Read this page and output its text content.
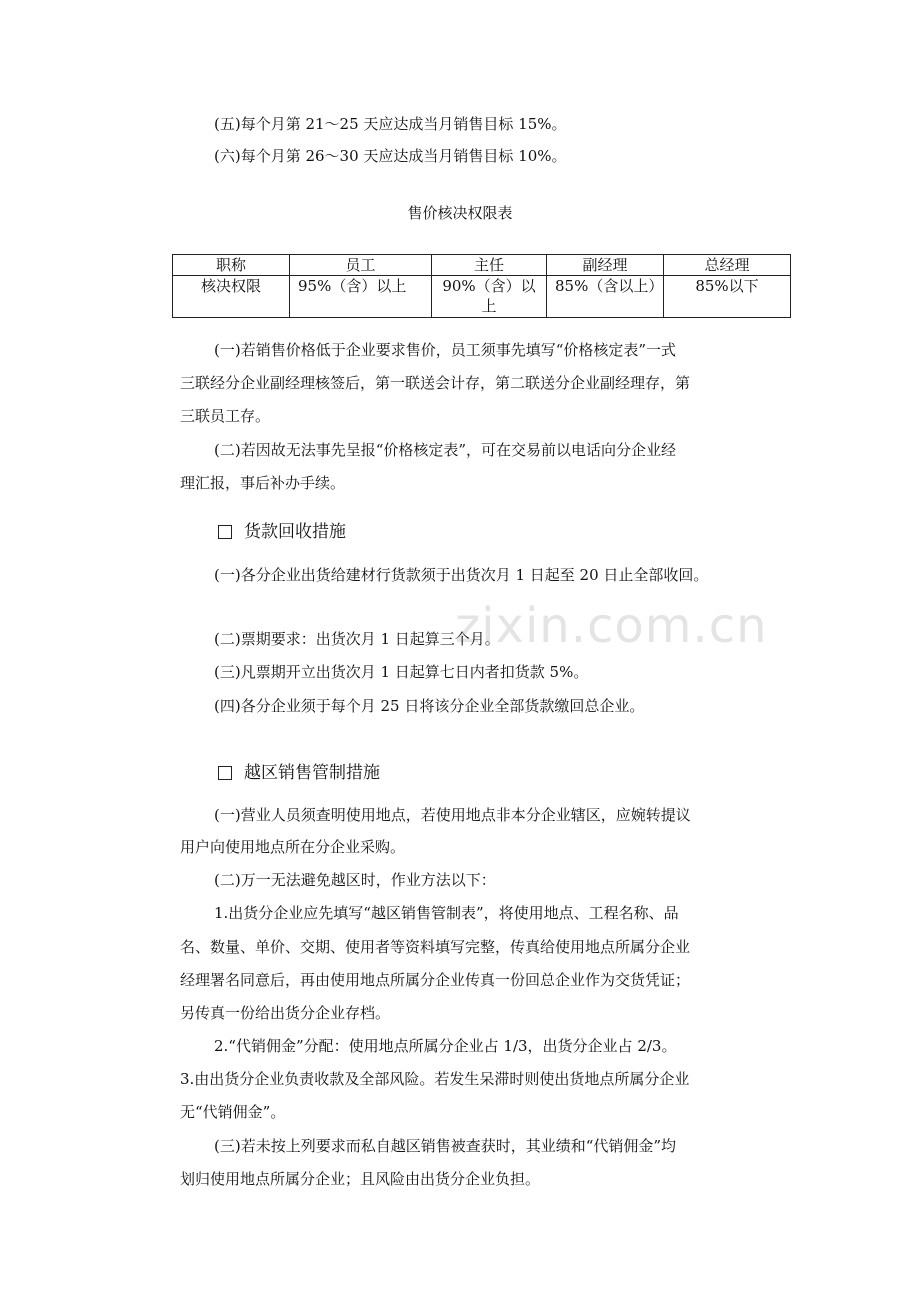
zixin.com.cn
(五)每个月第 21～25 天应达成当月销售目标 15%。
(六)每个月第 26～30 天应达成当月销售目标 10%。
售价核决权限表
职称	员工	主任	副经理	总经理
核决权限	95%（含）以上	90%（含）以上	85%（含以上）	85%以下
(一)若销售价格低于企业要求售价，员工须事先填写“价格核定表”一式
三联经分企业副经理核签后，第一联送会计存，第二联送分企业副经理存，第
三联员工存。
(二)若因故无法事先呈报“价格核定表”，可在交易前以电话向分企业经
理汇报，事后补办手续。
货款回收措施
(一)各分企业出货给建材行货款须于出货次月 1 日起至 20 日止全部收回。
(二)票期要求：出货次月 1 日起算三个月。
(三)凡票期开立出货次月 1 日起算七日内者扣货款 5%。
(四)各分企业须于每个月 25 日将该分企业全部货款缴回总企业。
越区销售管制措施
(一)营业人员须查明使用地点，若使用地点非本分企业辖区，应婉转提议
用户向使用地点所在分企业采购。
(二)万一无法避免越区时，作业方法以下：
1.出货分企业应先填写“越区销售管制表”，将使用地点、工程名称、品
名、数量、单价、交期、使用者等资料填写完整，传真给使用地点所属分企业
经理署名同意后，再由使用地点所属分企业传真一份回总企业作为交货凭证；
另传真一份给出货分企业存档。
2.“代销佣金”分配：使用地点所属分企业占 1/3，出货分企业占 2/3。
3.由出货分企业负责收款及全部风险。若发生呆滞时则使出货地点所属分企业
无“代销佣金”。
(三)若未按上列要求而私自越区销售被查获时，其业绩和“代销佣金”均
划归使用地点所属分企业；且风险由出货分企业负担。
